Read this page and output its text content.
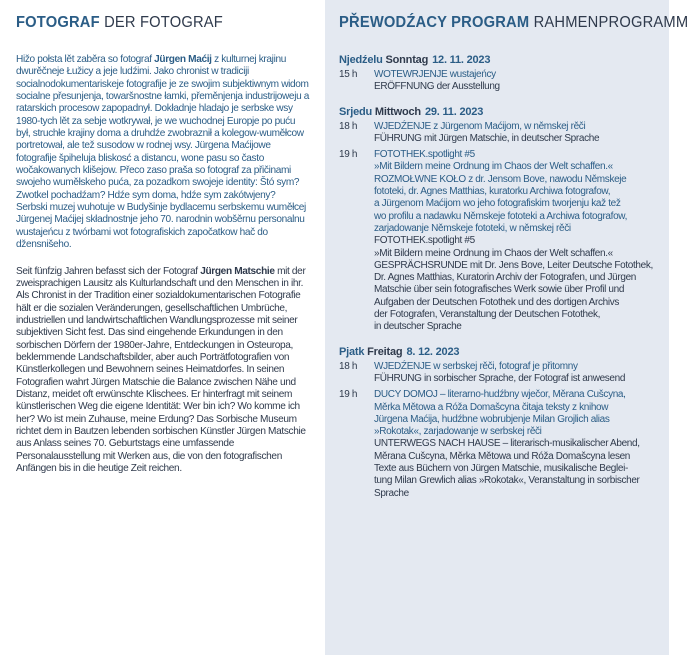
FOTOGRAF DER FOTOGRAF

Hižo połsta lět zaběra so fotograf Jürgen Maćij z kulturnej krajinu dwurěčneje Łužicy a jeje ludźimi. Jako chronist w tradiciji socialnodokumentariskeje fotografije je ze swojim subjektiwnym widom socialne přesunjenja, towaršnostne łamki, přeměnjenja industrijoweju a ratarskich procesow zapopadnył. Dokładnje hladajo je serbske wsy 1980-tych lět za sebje wotkrywał, je we wuchodnej Europje po puću był, struchłe krajiny doma a druhdźe zwobraznił a kolegow-wuměłcow portretował, ale tež susodow w rodnej wsy. Jürgena Maćijowe fotografije špiheluja bliskosć a distancu, wone pasu so často wočakowanych klišejow. Přeco zaso praša so fotograf za přičinami swojeho wuměłskeho puća, za pozadkom swojeje identity: Štó sym? Zwotkel pochadźam? Hdźe sym doma, hdźe sym zakótwjeny?
Serbski muzej wuhotuje w Budyšinje bydlacemu serbskemu wuměłcej Jürgenej Maćijej składnostnje jeho 70. narodnin wobšěrnu personalnu wustajeńcu z twórbami wot fotografiskich započatkow hač do džensnišeho.

Seit fünfzig Jahren befasst sich der Fotograf Jürgen Matschie mit der zweisprachigen Lausitz als Kulturlandschaft und den Menschen in ihr. Als Chronist in der Tradition einer sozialdokumentarischen Fotografie hält er die sozialen Veränderungen, gesellschaftlichen Umbrüche, industriellen und landwirtschaftlichen Wandlungsprozesse mit seiner subjektiven Sicht fest. Das sind eingehende Erkundungen in den sorbischen Dörfern der 1980er-Jahre, Entdeckungen in Osteuropa, beklemmende Landschaftsbilder, aber auch Porträtfotografien von Künstlerkollegen und Bewohnern seines Heimatdorfes. In seinen Fotografien wahrt Jürgen Matschie die Balance zwischen Nähe und Distanz, meidet oft erwünschte Klischees. Er hinterfragt mit seinem künstlerischen Weg die eigene Identität: Wer bin ich? Wo komme ich her? Wo ist mein Zuhause, meine Erdung? Das Sorbische Museum richtet dem in Bautzen lebenden sorbischen Künstler Jürgen Matschie aus Anlass seines 70. Geburtstags eine umfassende Personalausstellung mit Werken aus, die von den fotografischen Anfängen bis in die heutige Zeit reichen.

PŘEWODŹACY PROGRAM RAHMENPROGRAMM
Njedźelu Sonntag 12. 11. 2023
15 h	WOTEWRJENJE wustajeńcy
ERÖFFNUNG der Ausstellung
Srjedu Mittwoch 29. 11. 2023
18 h	WJEDŹENJE z Jürgenom Maćijom, w němskej rěči
FÜHRUNG mit Jürgen Matschie, in deutscher Sprache
19 h	FOTOTHEK.spotlight #5
»Mit Bildern meine Ordnung im Chaos der Welt schaffen.«
ROZMOŁWNE KOŁO z dr. Jensom Bove, nawodu Němskeje
fototeki, dr. Agnes Matthias, kuratorku Archiwa fotografow,
a Jürgenom Maćijom wo jeho fotografiskim tworjenju kaž tež
wo profilu a nadawku Němskeje fototeki a Archiwa fotografow,
zarjadowanje Němskeje fototeki, w němskej rěči
FOTOTHEK.spotlight #5
»Mit Bildern meine Ordnung im Chaos der Welt schaffen.«
GESPRÄCHSRUNDE mit Dr. Jens Bove, Leiter Deutsche Fotothek,
Dr. Agnes Matthias, Kuratorin Archiv der Fotografen, und Jürgen
Matschie über sein fotografisches Werk sowie über Profil und
Aufgaben der Deutschen Fotothek und des dortigen Archivs
der Fotografen, Veranstaltung der Deutschen Fotothek,
in deutscher Sprache
Pjatk Freitag 8. 12. 2023
18 h	WJEDŹENJE w serbskej rěči, fotograf je přitomny
FÜHRUNG in sorbischer Sprache, der Fotograf ist anwesend
19 h	DUCY DOMOJ – literarno-hudźbny wječor, Měrana Cušcyna,
Měrka Mětowa a Róža Domašcyna čitaja teksty z knihow
Jürgena Maćija, hudźbne wobrubjenje Milan Grojlich alias
»Rokotak«, zarjadowanje w serbskej rěči
UNTERWEGS NACH HAUSE – literarisch-musikalischer Abend,
Měrana Cušcyna, Měrka Mětowa und Róža Domašcyna lesen
Texte aus Büchern von Jürgen Matschie, musikalische Beglei-
tung Milan Grewlich alias »Rokotak«, Veranstaltung in sorbischer
Sprache
